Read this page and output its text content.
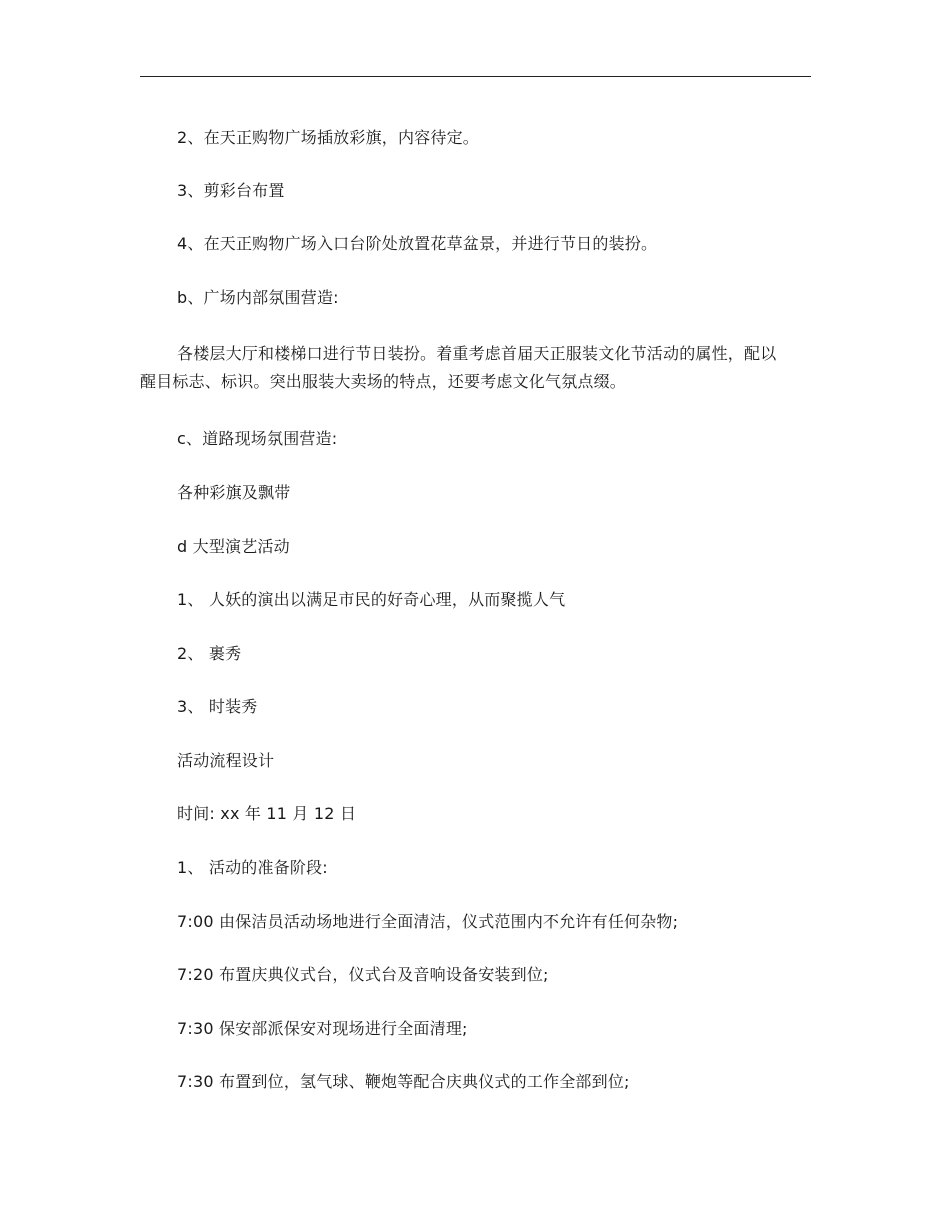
2、在天正购物广场插放彩旗，内容待定。
3、剪彩台布置
4、在天正购物广场入口台阶处放置花草盆景，并进行节日的装扮。
b、广场内部氛围营造:
各楼层大厅和楼梯口进行节日装扮。着重考虑首届天正服装文化节活动的属性，配以醒目标志、标识。突出服装大卖场的特点，还要考虑文化气氛点缀。
c、道路现场氛围营造:
各种彩旗及飘带
d 大型演艺活动
1、 人妖的演出以满足市民的好奇心理，从而聚揽人气
2、 裹秀
3、 时装秀
活动流程设计
时间: xx 年 11 月 12 日
1、 活动的准备阶段:
7:00 由保洁员活动场地进行全面清洁，仪式范围内不允许有任何杂物;
7:20 布置庆典仪式台，仪式台及音响设备安装到位;
7:30 保安部派保安对现场进行全面清理;
7:30 布置到位，氢气球、鞭炮等配合庆典仪式的工作全部到位;
